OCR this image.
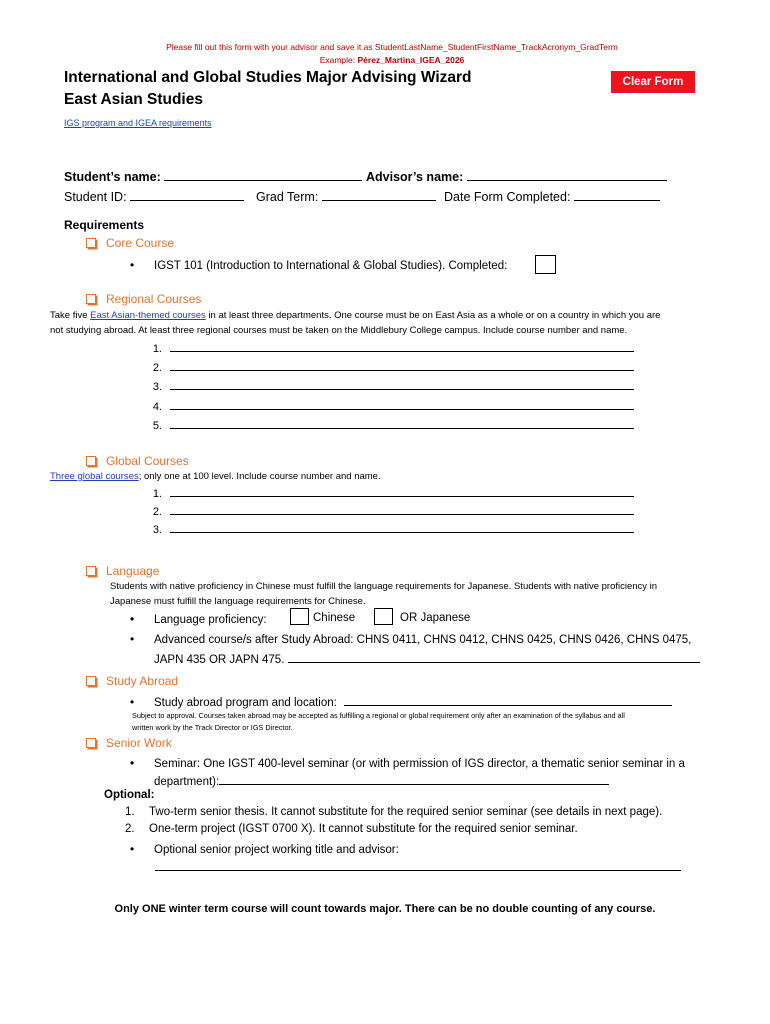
Please fill out this form with your advisor and save it as StudentLastName_StudentFirstName_TrackAcronym_GradTerm
Example: Pérez_Martina_IGEA_2026
International and Global Studies Major Advising Wizard
East Asian Studies
Clear Form
IGS program and IGEA requirements
Student’s name:	Advisor’s name:
Student ID:	Grad Term:	Date Form Completed:
Requirements
Core Course
• IGST 101 (Introduction to International & Global Studies). Completed:
Regional Courses
Take five East Asian-themed courses in at least three departments. One course must be on East Asia as a whole or on a country in which you are
not studying abroad. At least three regional courses must be taken on the Middlebury College campus. Include course number and name.
1.
2.
3.
4.
5.
Global Courses
Three global courses; only one at 100 level. Include course number and name.
1.
2.
3.
Language
Students with native proficiency in Chinese must fulfill the language requirements for Japanese. Students with native proficiency in
Japanese must fulfill the language requirements for Chinese.
• Language proficiency:	Chinese	OR Japanese
• Advanced course/s after Study Abroad: CHNS 0411, CHNS 0412, CHNS 0425, CHNS 0426, CHNS 0475,
JAPN 435 OR JAPN 475.
Study Abroad
• Study abroad program and location:
Subject to approval. Courses taken abroad may be accepted as fulfilling a regional or global requirement only after an examination of the syllabus and all
written work by the Track Director or IGS Director.
Senior Work
• Seminar: One IGST 400-level seminar (or with permission of IGS director, a thematic senior seminar in a
department):
Optional:
1. Two-term senior thesis. It cannot substitute for the required senior seminar (see details in next page).
2. One-term project (IGST 0700 X). It cannot substitute for the required senior seminar.
• Optional senior project working title and advisor:
Only ONE winter term course will count towards major. There can be no double counting of any course.
